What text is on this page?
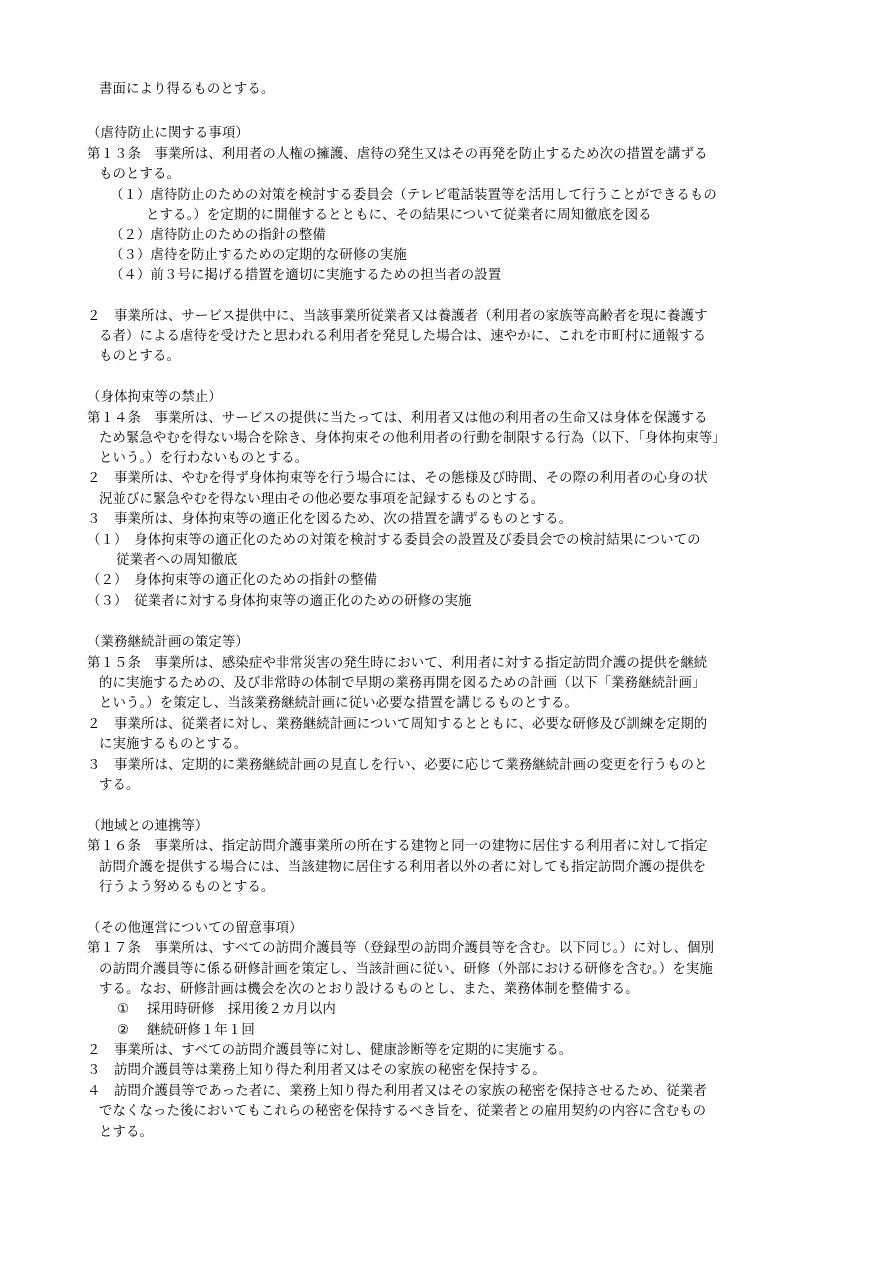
書面により得るものとする。
（虐待防止に関する事項）
第１３条　事業所は、利用者の人権の擁護、虐待の発生又はその再発を防止するため次の措置を講ずる
ものとする。
（１）虐待防止のための対策を検討する委員会（テレビ電話装置等を活用して行うことができるもの
とする。）を定期的に開催するとともに、その結果について従業者に周知徹底を図る
（２）虐待防止のための指針の整備
（３）虐待を防止するための定期的な研修の実施
（４）前３号に掲げる措置を適切に実施するための担当者の設置
２　事業所は、サービス提供中に、当該事業所従業者又は養護者（利用者の家族等高齢者を現に養護す
る者）による虐待を受けたと思われる利用者を発見した場合は、速やかに、これを市町村に通報する
ものとする。
（身体拘束等の禁止）
第１４条　事業所は、サービスの提供に当たっては、利用者又は他の利用者の生命又は身体を保護する
ため緊急やむを得ない場合を除き、身体拘束その他利用者の行動を制限する行為（以下､「身体拘束等」
という。）を行わないものとする。
２　事業所は、やむを得ず身体拘束等を行う場合には、その態様及び時間、その際の利用者の心身の状
況並びに緊急やむを得ない理由その他必要な事項を記録するものとする。
３　事業所は、身体拘束等の適正化を図るため、次の措置を講ずるものとする。
（１）　身体拘束等の適正化のための対策を検討する委員会の設置及び委員会での検討結果についての
従業者への周知徹底
（２）　身体拘束等の適正化のための指針の整備
（３）　従業者に対する身体拘束等の適正化のための研修の実施
（業務継続計画の策定等）
第１５条　事業所は、感染症や非常災害の発生時において、利用者に対する指定訪問介護の提供を継続
的に実施するための、及び非常時の体制で早期の業務再開を図るための計画（以下「業務継続計画」
という。）を策定し、当該業務継続計画に従い必要な措置を講じるものとする。
２　事業所は、従業者に対し、業務継続計画について周知するとともに、必要な研修及び訓練を定期的
に実施するものとする。
３　事業所は、定期的に業務継続計画の見直しを行い、必要に応じて業務継続計画の変更を行うものと
する。
（地域との連携等）
第１６条　事業所は、指定訪問介護事業所の所在する建物と同一の建物に居住する利用者に対して指定
訪問介護を提供する場合には、当該建物に居住する利用者以外の者に対しても指定訪問介護の提供を
行うよう努めるものとする。
（その他運営についての留意事項）
第１７条　事業所は、すべての訪問介護員等（登録型の訪問介護員等を含む。以下同じ。）に対し、個別
の訪問介護員等に係る研修計画を策定し、当該計画に従い、研修（外部における研修を含む。）を実施
する。なお、研修計画は機会を次のとおり設けるものとし、また、業務体制を整備する。
①　 採用時研修　採用後２カ月以内
②　 継続研修１年１回
２　事業所は、すべての訪問介護員等に対し、健康診断等を定期的に実施する。
３　訪問介護員等は業務上知り得た利用者又はその家族の秘密を保持する。
４　訪問介護員等であった者に、業務上知り得た利用者又はその家族の秘密を保持させるため、従業者
でなくなった後においてもこれらの秘密を保持するべき旨を、従業者との雇用契約の内容に含むもの
とする。
